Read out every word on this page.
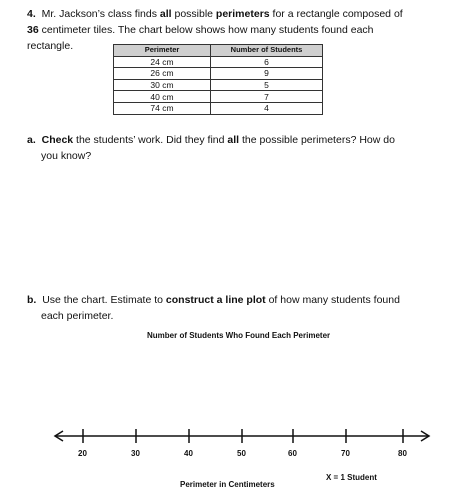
4. Mr. Jackson’s class finds all possible perimeters for a rectangle composed of
36 centimeter tiles. The chart below shows how many students found each
rectangle.	Perimeter	Number of Students
24 cm	6
26 cm	9
30 cm	5
40 cm	7
74 cm	4
a. Check the students’ work. Did they find all the possible perimeters? How do
you know?
b. Use the chart. Estimate to construct a line plot of how many students found
each perimeter.
Number of Students Who Found Each Perimeter
20	30	40	50	60	70	80
X = 1 Student
Perimeter in Centimeters
